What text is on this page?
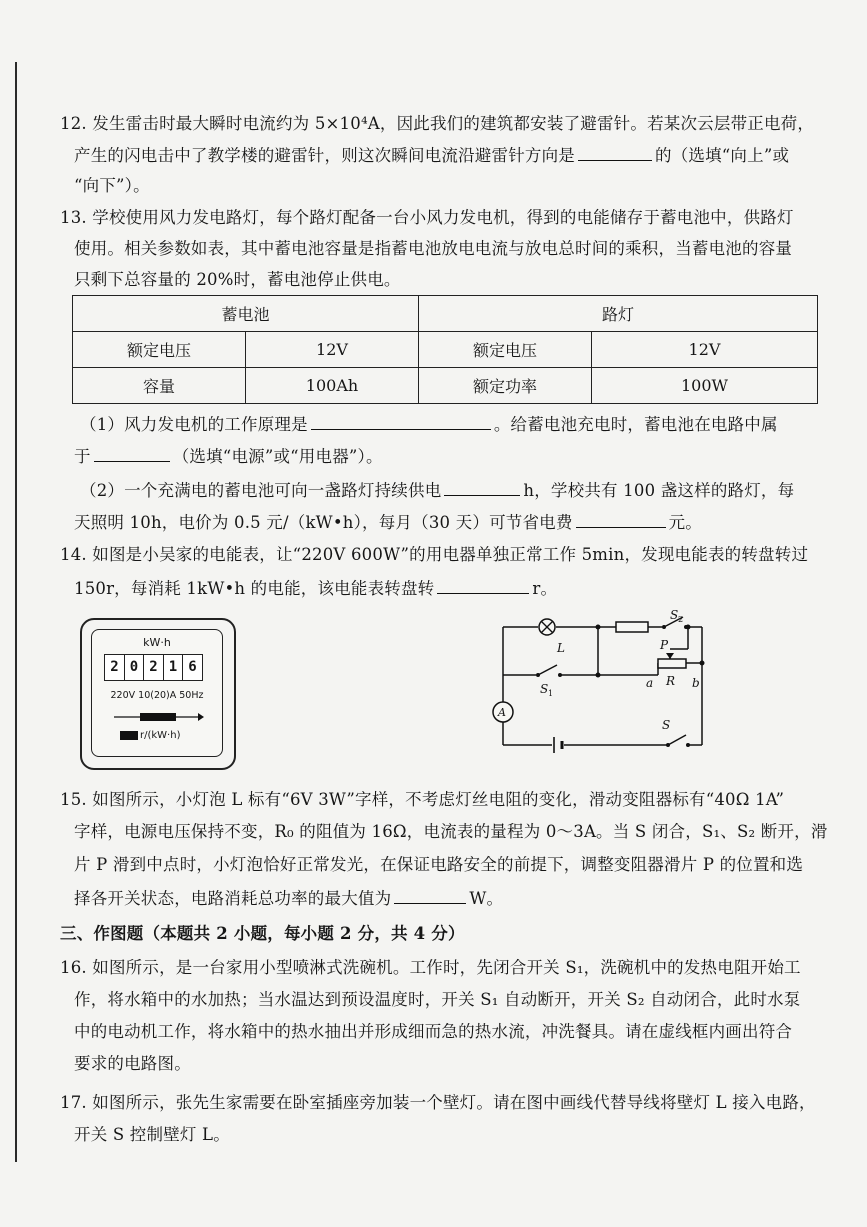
12. 发生雷击时最大瞬时电流约为 5×10⁴A，因此我们的建筑都安装了避雷针。若某次云层带正电荷，
产生的闪电击中了教学楼的避雷针，则这次瞬间电流沿避雷针方向是	的（选填“向上”或
“向下”）。
13. 学校使用风力发电路灯，每个路灯配备一台小风力发电机，得到的电能储存于蓄电池中，供路灯
使用。相关参数如表，其中蓄电池容量是指蓄电池放电电流与放电总时间的乘积，当蓄电池的容量
只剩下总容量的 20%时，蓄电池停止供电。
蓄电池		路灯	
额定电压	12V	额定电压	12V
容量	100Ah	额定功率	100W
（1）风力发电机的工作原理是	。给蓄电池充电时，蓄电池在电路中属
于	（选填“电源”或“用电器”）。
（2）一个充满电的蓄电池可向一盏路灯持续供电	h，学校共有 100 盏这样的路灯，每
天照明 10h，电价为 0.5 元/（kW•h），每月（30 天）可节省电费	元。
14. 如图是小吴家的电能表，让“220V 600W”的用电器单独正常工作 5min，发现电能表的转盘转过
150r，每消耗 1kW•h 的电能，该电能表转盘转	r。
kW·h
2 0 2 1 6
220V 10(20)A 50Hz
r/(kW·h)
L
S 2
S 1
P
a R b
A
S
15. 如图所示，小灯泡 L 标有“6V 3W”字样，不考虑灯丝电阻的变化，滑动变阻器标有“40Ω 1A”
字样，电源电压保持不变，R₀ 的阻值为 16Ω，电流表的量程为 0～3A。当 S 闭合，S₁、S₂ 断开，滑
片 P 滑到中点时，小灯泡恰好正常发光，在保证电路安全的前提下，调整变阻器滑片 P 的位置和选
择各开关状态，电路消耗总功率的最大值为	W。
三、作图题（本题共 2 小题，每小题 2 分，共 4 分）
16. 如图所示，是一台家用小型喷淋式洗碗机。工作时，先闭合开关 S₁，洗碗机中的发热电阻开始工
作，将水箱中的水加热；当水温达到预设温度时，开关 S₁ 自动断开，开关 S₂ 自动闭合，此时水泵
中的电动机工作，将水箱中的热水抽出并形成细而急的热水流，冲洗餐具。请在虚线框内画出符合
要求的电路图。
17. 如图所示，张先生家需要在卧室插座旁加装一个壁灯。请在图中画线代替导线将壁灯 L 接入电路，
开关 S 控制壁灯 L。
